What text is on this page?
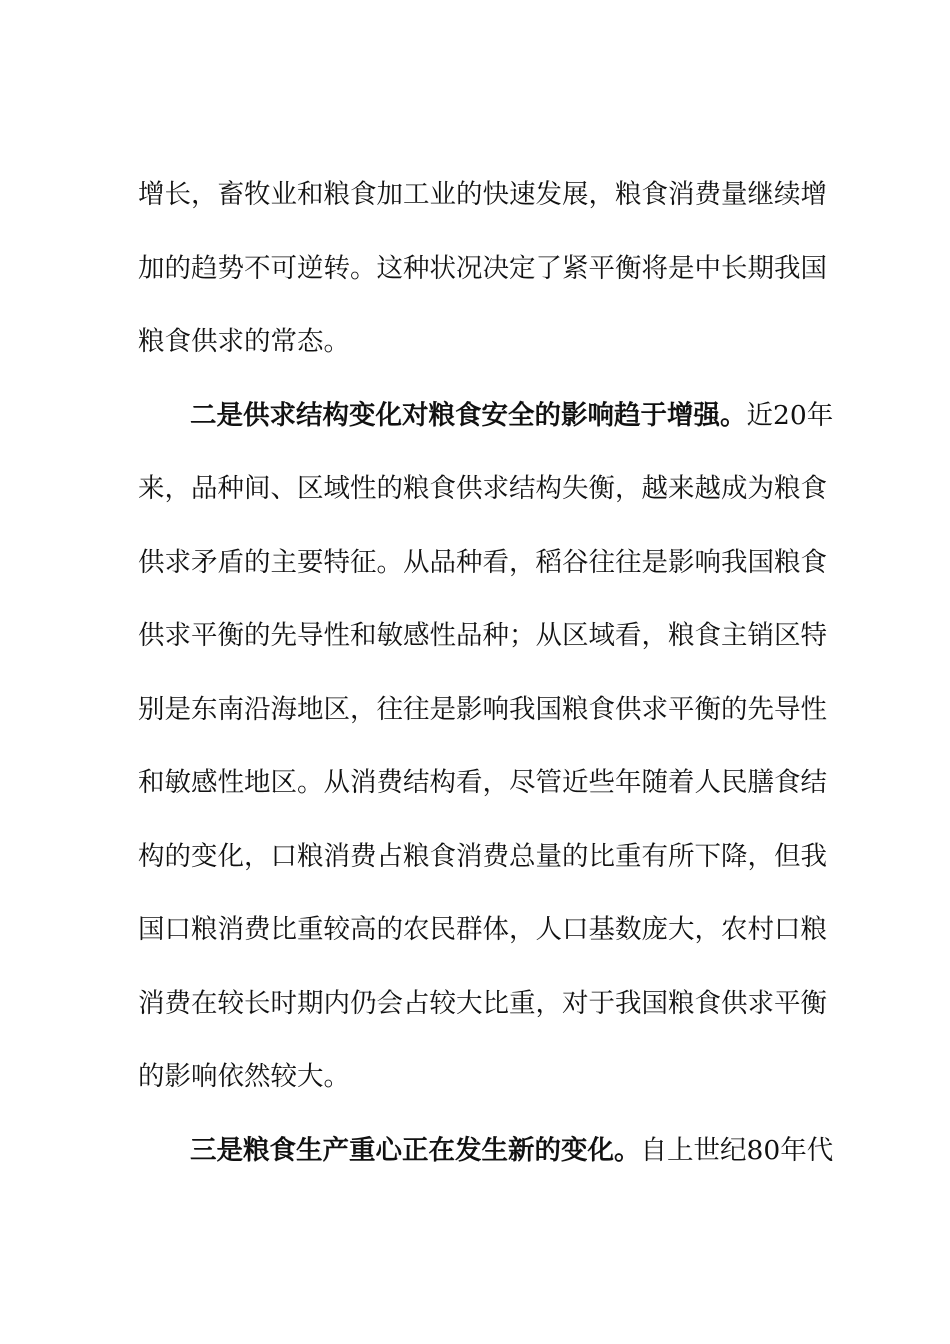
增长，畜牧业和粮食加工业的快速发展，粮食消费量继续增
加的趋势不可逆转。这种状况决定了紧平衡将是中长期我国
粮食供求的常态。
二是供求结构变化对粮食安全的影响趋于增强。近20年
来，品种间、区域性的粮食供求结构失衡，越来越成为粮食
供求矛盾的主要特征。从品种看，稻谷往往是影响我国粮食
供求平衡的先导性和敏感性品种；从区域看，粮食主销区特
别是东南沿海地区，往往是影响我国粮食供求平衡的先导性
和敏感性地区。从消费结构看，尽管近些年随着人民膳食结
构的变化，口粮消费占粮食消费总量的比重有所下降，但我
国口粮消费比重较高的农民群体，人口基数庞大，农村口粮
消费在较长时期内仍会占较大比重，对于我国粮食供求平衡
的影响依然较大。
三是粮食生产重心正在发生新的变化。自上世纪80年代
